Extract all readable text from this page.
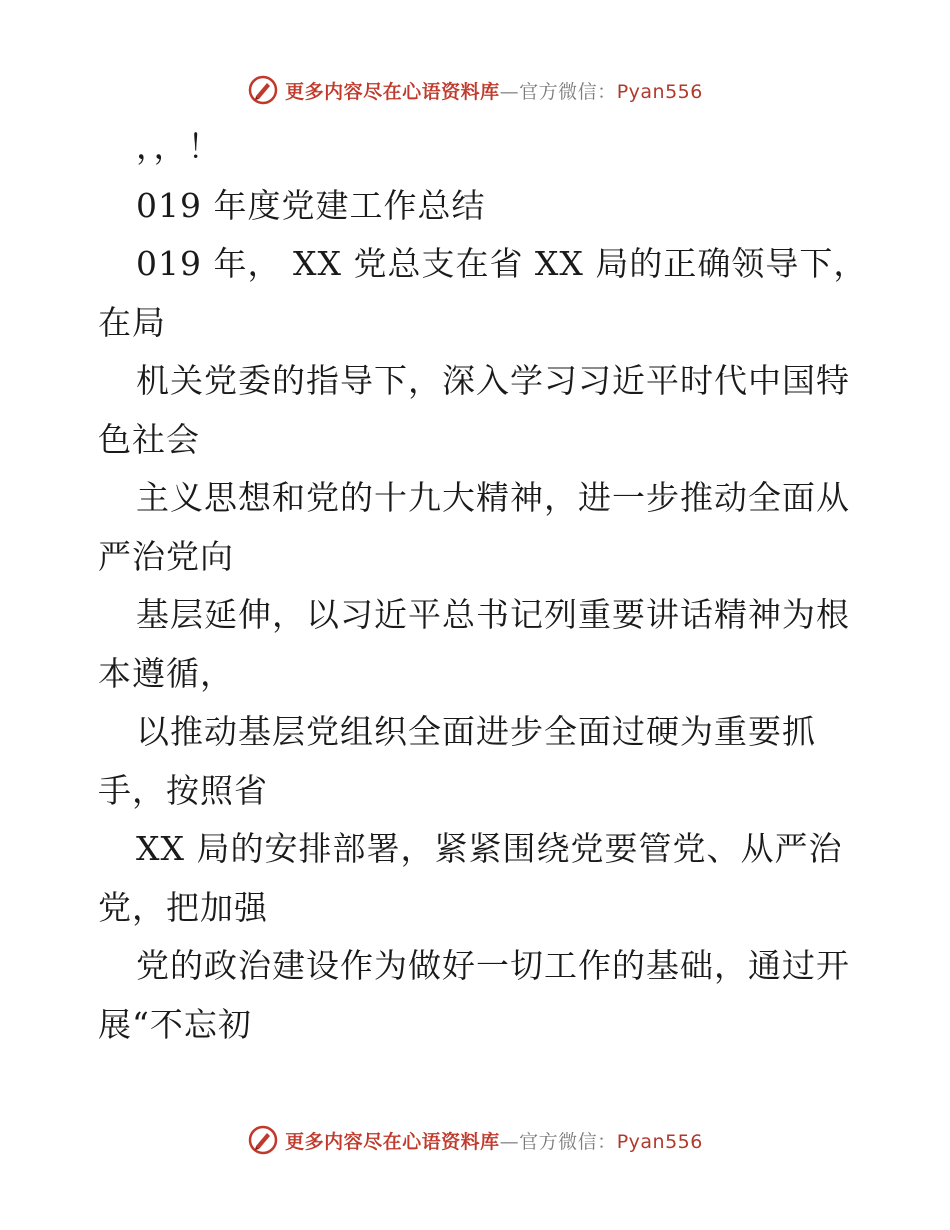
更多内容尽在心语资料库—官方微信：Pyan556
，，！
019 年度党建工作总结
019 年， XX 党总支在省 XX 局的正确领导下，
在局
机关党委的指导下，深入学习习近平时代中国特
色社会
主义思想和党的十九大精神，进一步推动全面从
严治党向
基层延伸，以习近平总书记列重要讲话精神为根
本遵循，
以推动基层党组织全面进步全面过硬为重要抓
手，按照省
XX 局的安排部署，紧紧围绕党要管党、从严治
党，把加强
党的政治建设作为做好一切工作的基础，通过开
展“不忘初
更多内容尽在心语资料库—官方微信：Pyan556
